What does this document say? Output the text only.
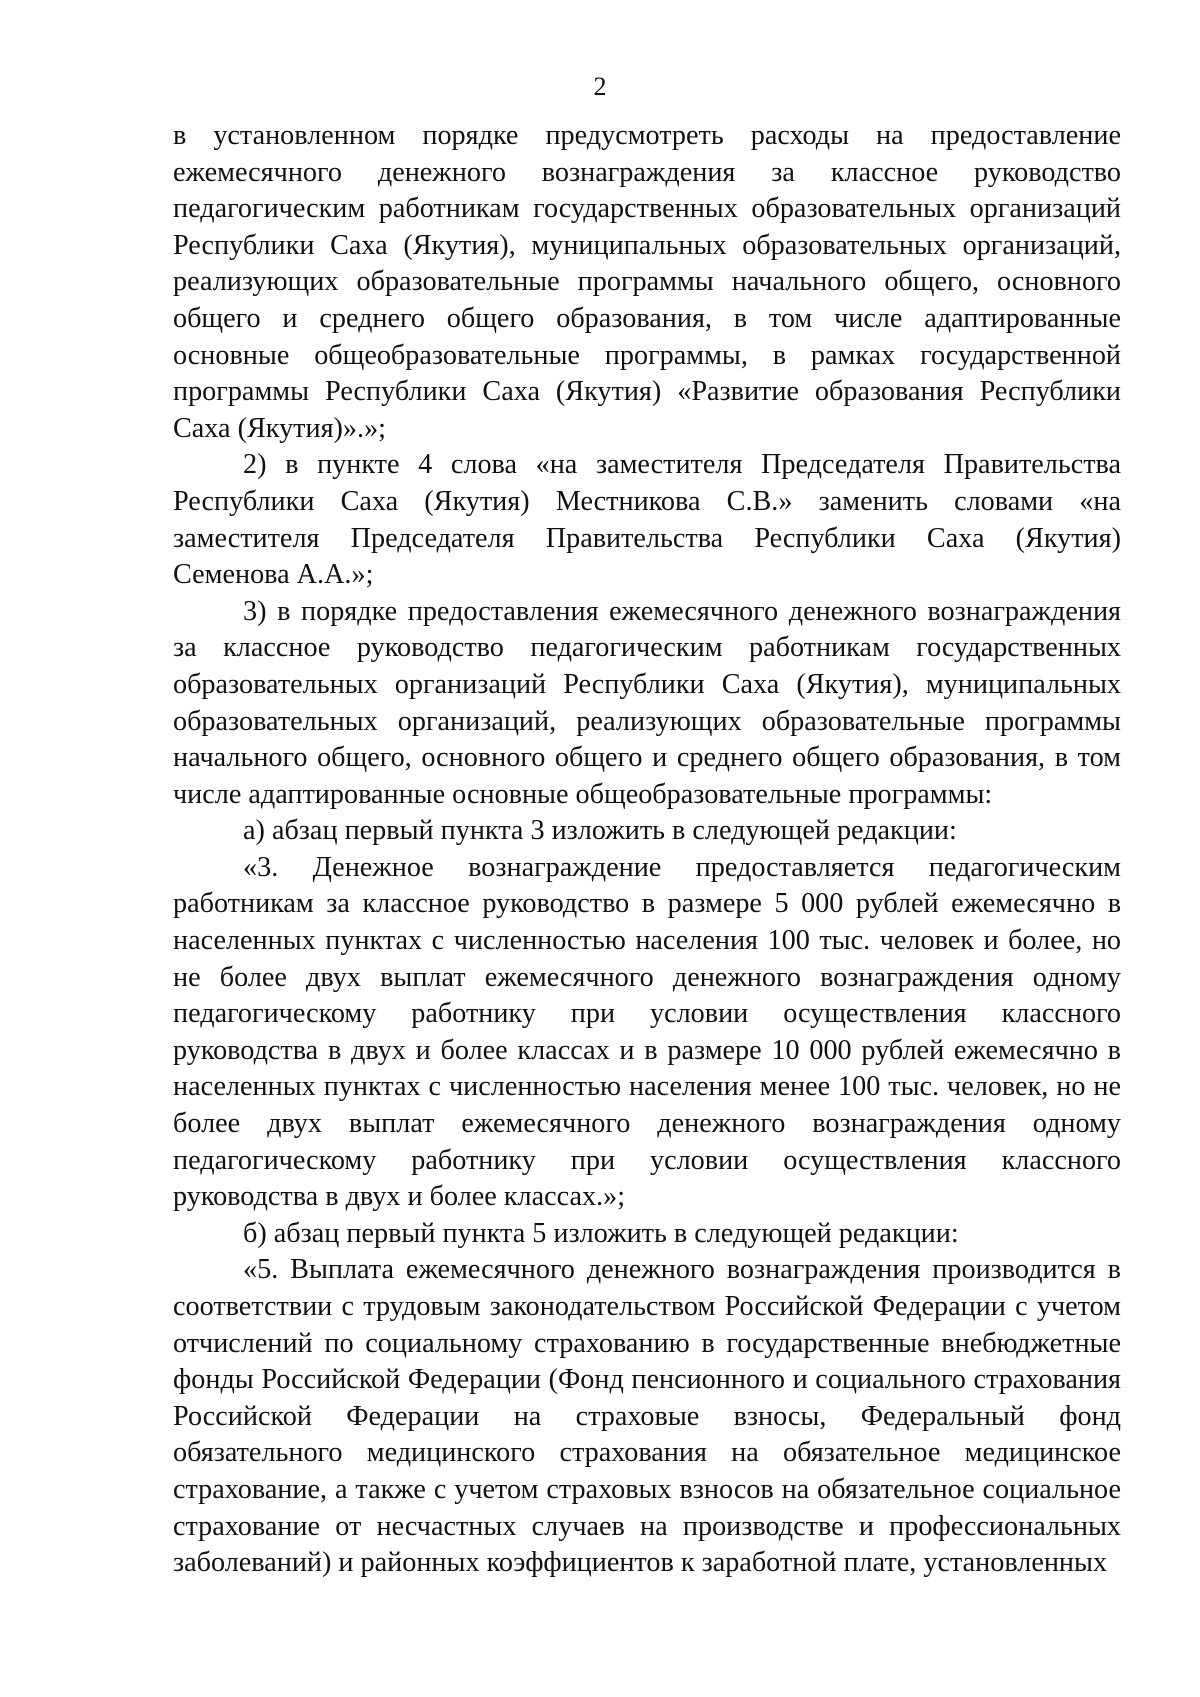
2

в установленном порядке предусмотреть расходы на предоставление ежемесячного денежного вознаграждения за классное руководство педагогическим работникам государственных образовательных организаций Республики Саха (Якутия), муниципальных образовательных организаций, реализующих образовательные программы начального общего, основного общего и среднего общего образования, в том числе адаптированные основные общеобразовательные программы, в рамках государственной программы Республики Саха (Якутия) «Развитие образования Республики Саха (Якутия)».»;

2) в пункте 4 слова «на заместителя Председателя Правительства Республики Саха (Якутия) Местникова С.В.» заменить словами «на заместителя Председателя Правительства Республики Саха (Якутия) Семенова А.А.»;

3) в порядке предоставления ежемесячного денежного вознаграждения за классное руководство педагогическим работникам государственных образовательных организаций Республики Саха (Якутия), муниципальных образовательных организаций, реализующих образовательные программы начального общего, основного общего и среднего общего образования, в том числе адаптированные основные общеобразовательные программы:

а) абзац первый пункта 3 изложить в следующей редакции:

«3. Денежное вознаграждение предоставляется педагогическим работникам за классное руководство в размере 5 000 рублей ежемесячно в населенных пунктах с численностью населения 100 тыс. человек и более, но не более двух выплат ежемесячного денежного вознаграждения одному педагогическому работнику при условии осуществления классного руководства в двух и более классах и в размере 10 000 рублей ежемесячно в населенных пунктах с численностью населения менее 100 тыс. человек, но не более двух выплат ежемесячного денежного вознаграждения одному педагогическому работнику при условии осуществления классного руководства в двух и более классах.»;

б) абзац первый пункта 5 изложить в следующей редакции:

«5. Выплата ежемесячного денежного вознаграждения производится в соответствии с трудовым законодательством Российской Федерации с учетом отчислений по социальному страхованию в государственные внебюджетные фонды Российской Федерации (Фонд пенсионного и социального страхования Российской Федерации на страховые взносы, Федеральный фонд обязательного медицинского страхования на обязательное медицинское страхование, а также с учетом страховых взносов на обязательное социальное страхование от несчастных случаев на производстве и профессиональных заболеваний) и районных коэффициентов к заработной плате, установленных
